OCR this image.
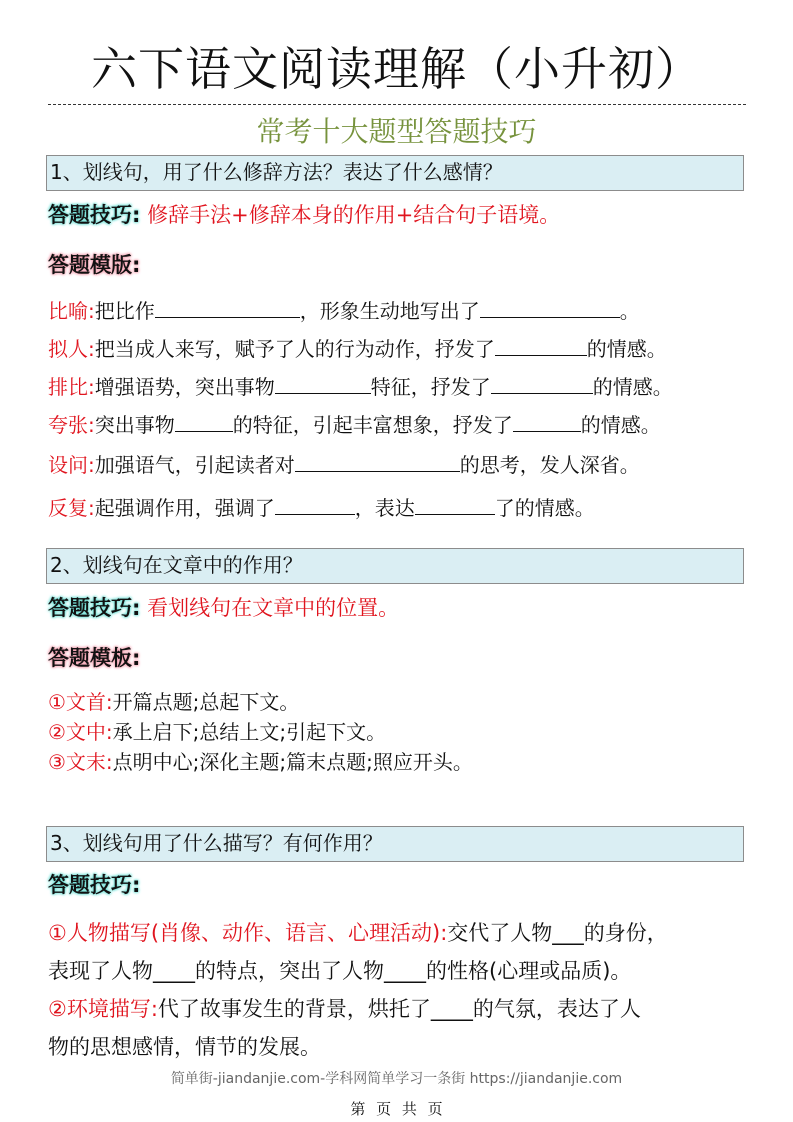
六下语文阅读理解（小升初）
常考十大题型答题技巧
1、划线句，用了什么修辞方法？表达了什么感情？
答题技巧: 修辞手法+修辞本身的作用+结合句子语境。
答题模版:
比喻:把比作	，形象生动地写出了	。
拟人:把当成人来写，赋予了人的行为动作，抒发了	的情感。
排比:增强语势，突出事物	特征，抒发了	的情感。
夸张:突出事物	的特征，引起丰富想象，抒发了	的情感。
设问:加强语气，引起读者对	的思考，发人深省。
反复:起强调作用，强调了	，表达	了的情感。
2、划线句在文章中的作用？
答题技巧: 看划线句在文章中的位置。
答题模板:
①文首:开篇点题;总起下文。
②文中:承上启下;总结上文;引起下文。
③文末:点明中心;深化主题;篇末点题;照应开头。
3、划线句用了什么描写？有何作用？
答题技巧:
①人物描写(肖像、动作、语言、心理活动):交代了人物___的身份，
表现了人物____的特点，突出了人物____的性格(心理或品质)。
②环境描写:代了故事发生的背景，烘托了____的气氛，表达了人
物的思想感情，情节的发展。
简单街-jiandanjie.com-学科网简单学习一条街 https://jiandanjie.com
第 页 共 页
